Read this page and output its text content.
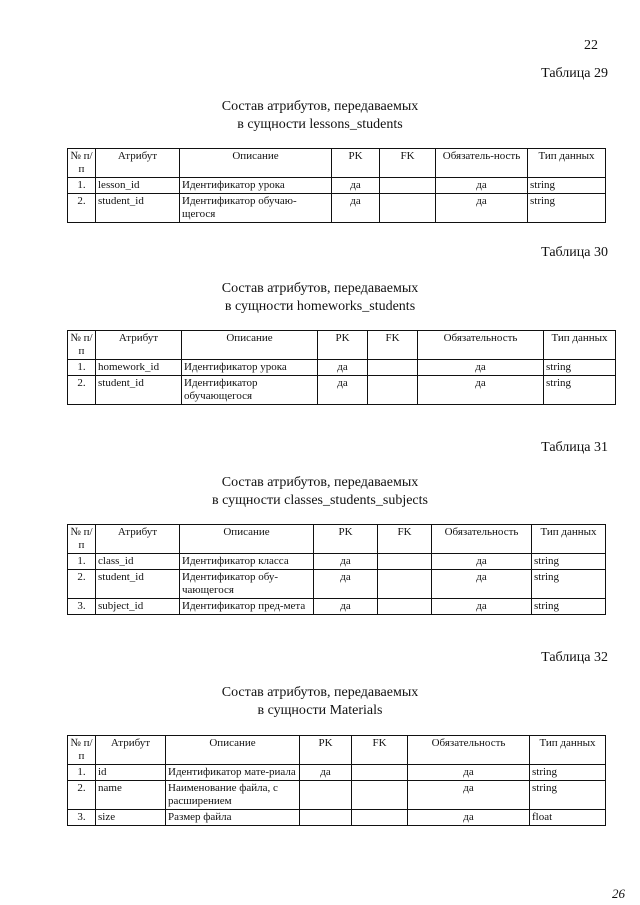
22
Таблица 29
Состав атрибутов, передаваемых
в сущности lessons_students
№ п/п	Атрибут	Описание	PK	FK	Обязатель-ность	Тип данных
1.	lesson_id	Идентификатор урока	да		да	string
2.	student_id	Идентификатор обучаю-щегося	да		да	string
Таблица 30
Состав атрибутов, передаваемых
в сущности homeworks_students
№ п/п	Атрибут	Описание	PK	FK	Обязательность	Тип данных
1.	homework_id	Идентификатор урока	да		да	string
2.	student_id	Идентификатор обучающегося	да		да	string
Таблица 31
Состав атрибутов, передаваемых
в сущности classes_students_subjects
№ п/п	Атрибут	Описание	PK	FK	Обязательность	Тип данных
1.	class_id	Идентификатор класса	да		да	string
2.	student_id	Идентификатор обу-чающегося	да		да	string
3.	subject_id	Идентификатор пред-мета	да		да	string
Таблица 32
Состав атрибутов, передаваемых
в сущности Materials
№ п/п	Атрибут	Описание	PK	FK	Обязательность	Тип данных
1.	id	Идентификатор мате-риала	да		да	string
2.	name	Наименование файла, с расширением			да	string
3.	size	Размер файла			да	float
26
